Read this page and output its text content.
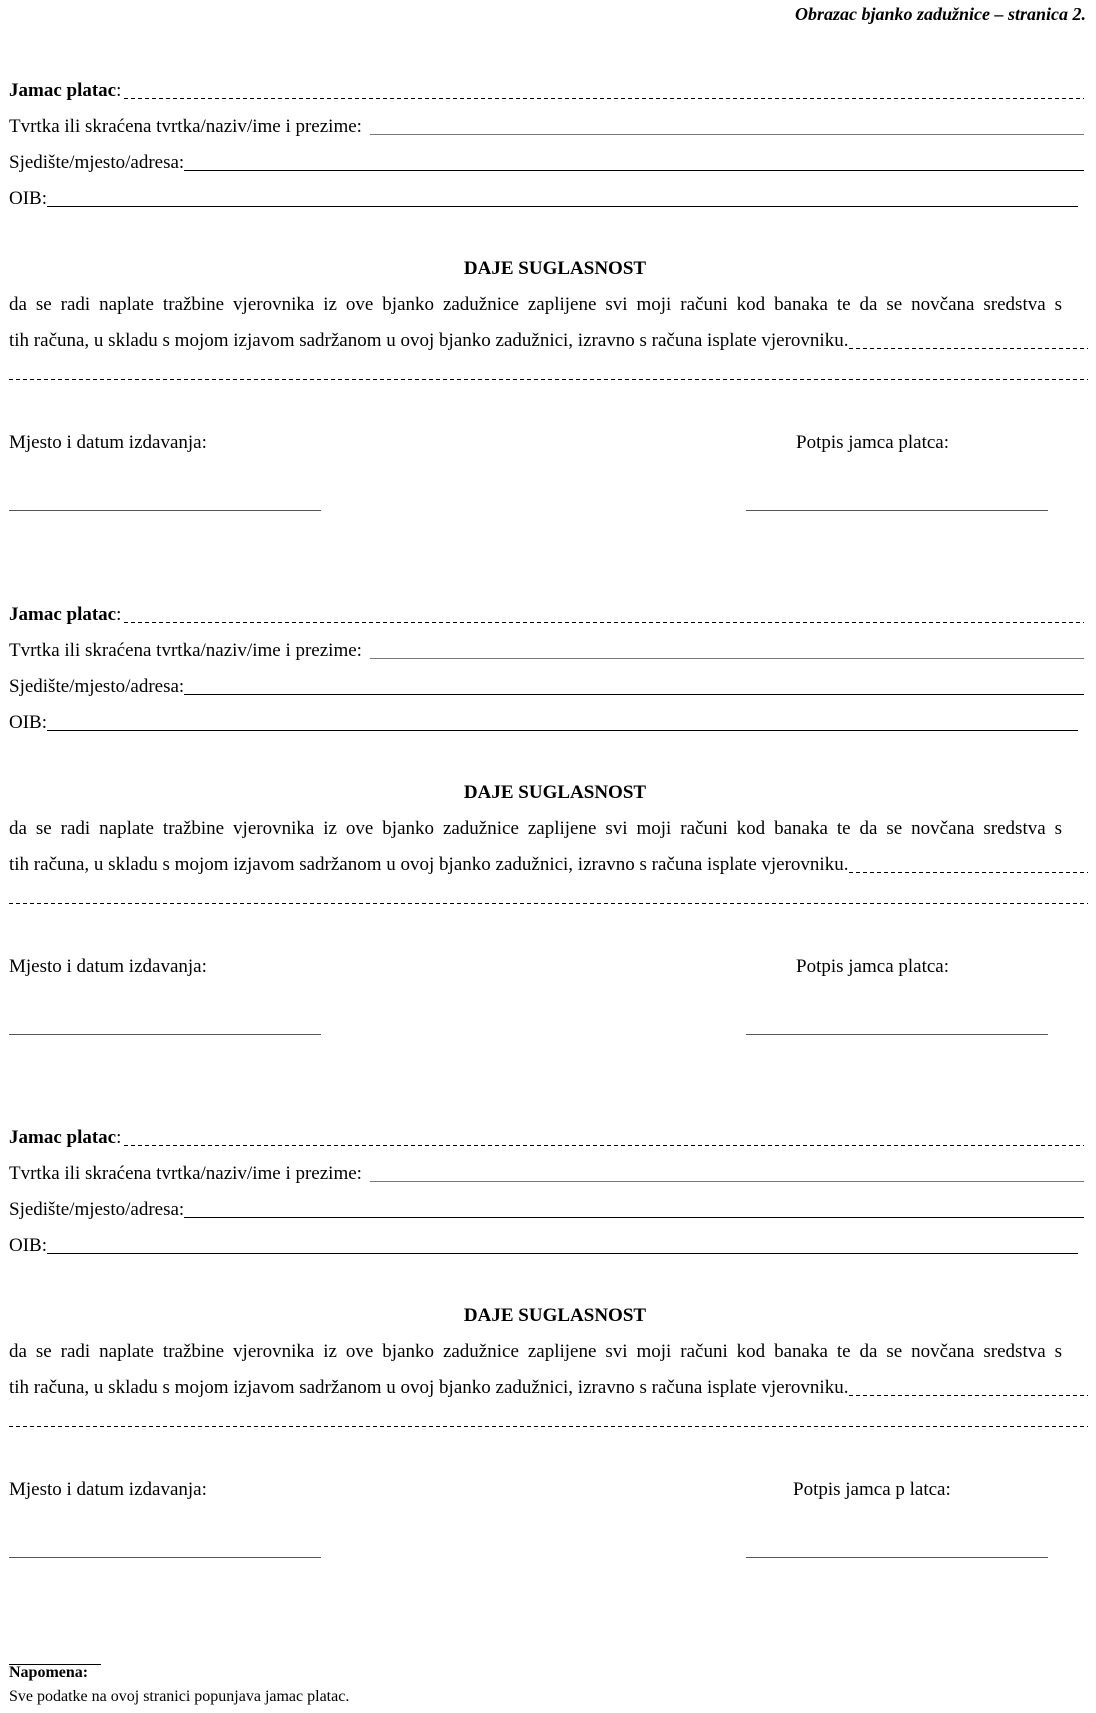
Obrazac bjanko zadužnice – stranica 2.
Jamac platac :
Tvrtka ili skraćena tvrtka/naziv/ime i prezime:
Sjedište/mjesto/adresa:
OIB:
DAJE SUGLASNOST
da se radi naplate tražbine vjerovnika iz ove bjanko zadužnice zaplijene svi moji računi kod banaka te da se novčana sredstva s
tih računa, u skladu s mojom izjavom sadržanom u ovoj bjanko zadužnici, izravno s računa isplate vjerovniku.
Mjesto i datum izdavanja:	Potpis jamca platca:
Jamac platac :
Tvrtka ili skraćena tvrtka/naziv/ime i prezime:
Sjedište/mjesto/adresa:
OIB:
DAJE SUGLASNOST
da se radi naplate tražbine vjerovnika iz ove bjanko zadužnice zaplijene svi moji računi kod banaka te da se novčana sredstva s
tih računa, u skladu s mojom izjavom sadržanom u ovoj bjanko zadužnici, izravno s računa isplate vjerovniku.
Mjesto i datum izdavanja:	Potpis jamca platca:
Jamac platac :
Tvrtka ili skraćena tvrtka/naziv/ime i prezime:
Sjedište/mjesto/adresa:
OIB:
DAJE SUGLASNOST
da se radi naplate tražbine vjerovnika iz ove bjanko zadužnice zaplijene svi moji računi kod banaka te da se novčana sredstva s
tih računa, u skladu s mojom izjavom sadržanom u ovoj bjanko zadužnici, izravno s računa isplate vjerovniku.
Mjesto i datum izdavanja:	Potpis jamca p latca:
Napomena:
Sve podatke na ovoj stranici popunjava jamac platac.
